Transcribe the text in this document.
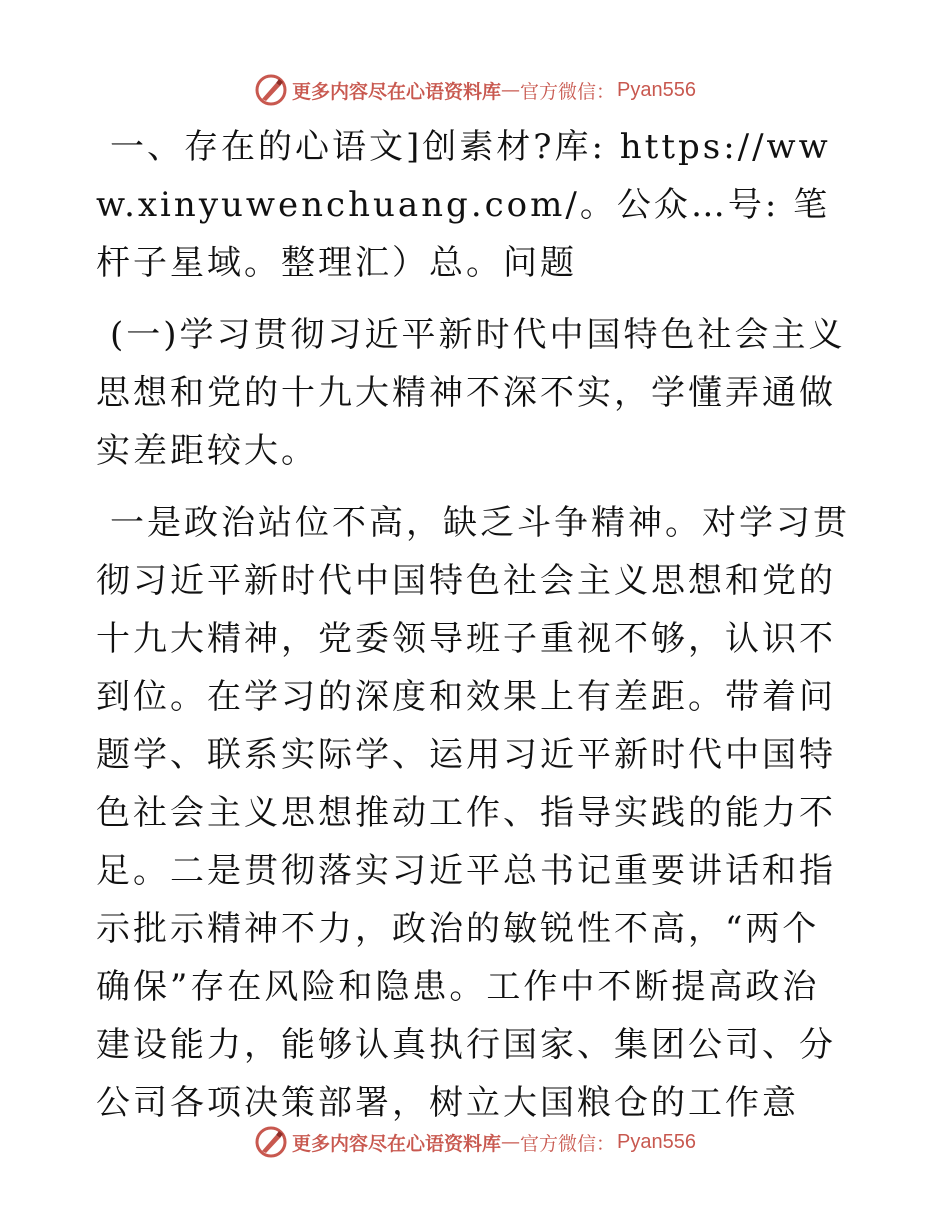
更多内容尽在心语资料库 — 官方微信： Pyan556

一、存在的心语文]创素材?库: https://www.xinyuwenchuang.com/。公众…号: 笔杆子星域。整理汇）总。问题

(一)学习贯彻习近平新时代中国特色社会主义思想和党的十九大精神不深不实，学懂弄通做实差距较大。

一是政治站位不高，缺乏斗争精神。对学习贯彻习近平新时代中国特色社会主义思想和党的十九大精神，党委领导班子重视不够，认识不到位。在学习的深度和效果上有差距。带着问题学、联系实际学、运用习近平新时代中国特色社会主义思想推动工作、指导实践的能力不足。二是贯彻落实习近平总书记重要讲话和指示批示精神不力，政治的敏锐性不高，“两个确保”存在风险和隐患。工作中不断提高政治建设能力，能够认真执行国家、集团公司、分公司各项决策部署，树立大国粮仓的工作意

更多内容尽在心语资料库 — 官方微信： Pyan556
